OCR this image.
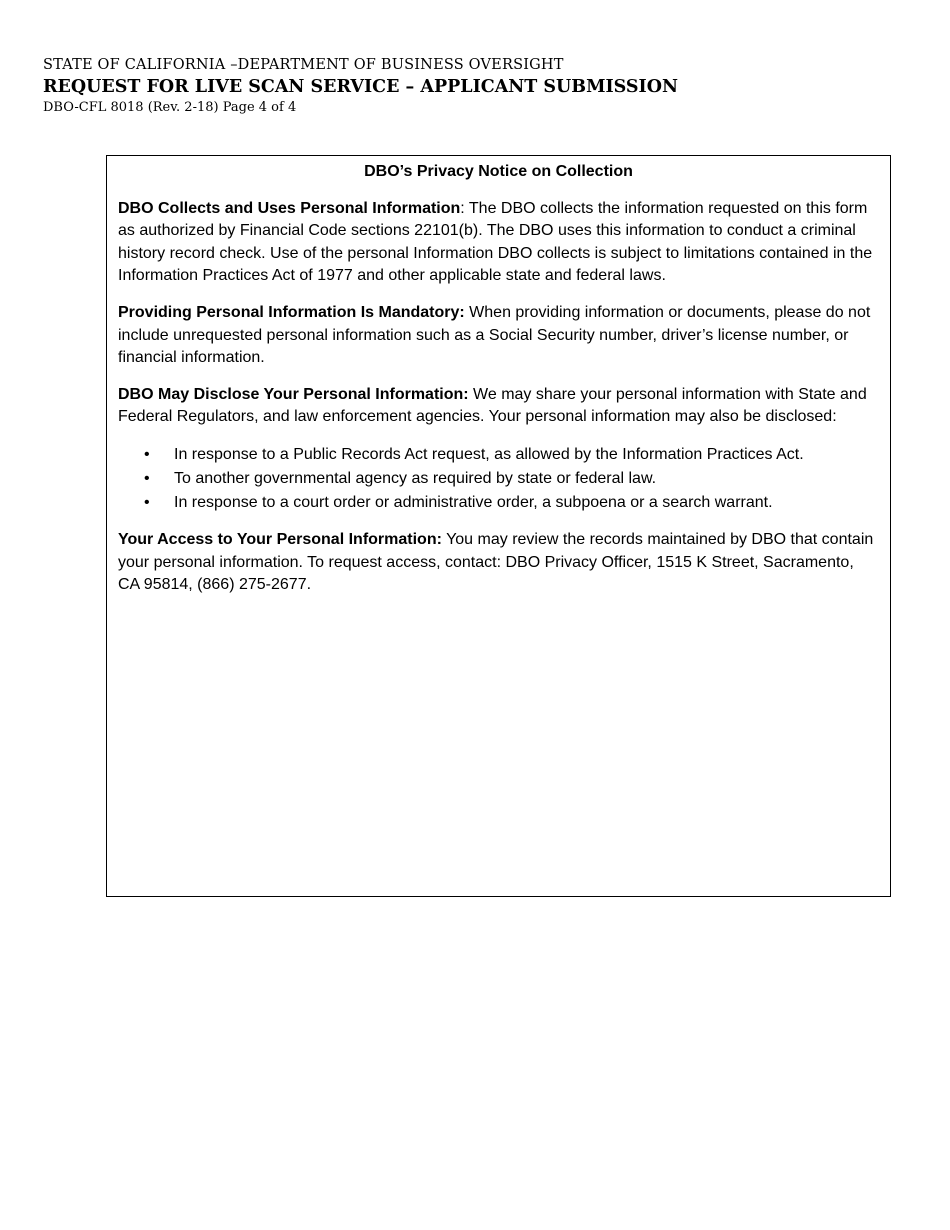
STATE OF CALIFORNIA –DEPARTMENT OF BUSINESS OVERSIGHT
REQUEST FOR LIVE SCAN SERVICE – APPLICANT SUBMISSION
DBO-CFL 8018 (Rev. 2-18) Page 4 of 4
DBO’s Privacy Notice on Collection
DBO Collects and Uses Personal Information: The DBO collects the information requested on this form as authorized by Financial Code sections 22101(b). The DBO uses this information to conduct a criminal history record check. Use of the personal Information DBO collects is subject to limitations contained in the Information Practices Act of 1977 and other applicable state and federal laws.
Providing Personal Information Is Mandatory: When providing information or documents, please do not include unrequested personal information such as a Social Security number, driver’s license number, or financial information.
DBO May Disclose Your Personal Information: We may share your personal information with State and Federal Regulators, and law enforcement agencies. Your personal information may also be disclosed:
• In response to a Public Records Act request, as allowed by the Information Practices Act.
• To another governmental agency as required by state or federal law.
• In response to a court order or administrative order, a subpoena or a search warrant.
Your Access to Your Personal Information: You may review the records maintained by DBO that contain your personal information. To request access, contact: DBO Privacy Officer, 1515 K Street, Sacramento, CA 95814, (866) 275-2677.
